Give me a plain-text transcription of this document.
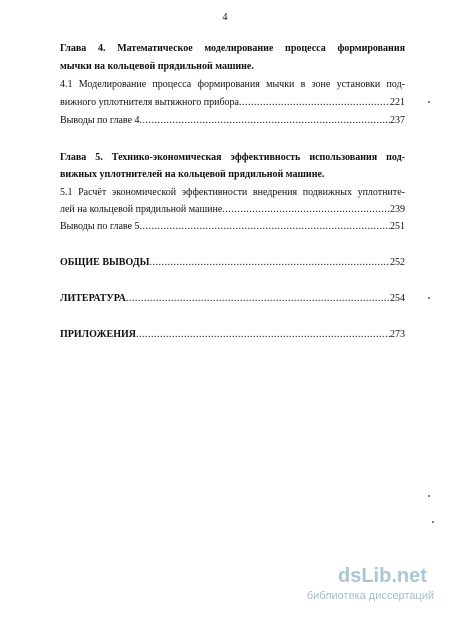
4
Глава 4. Математическое моделирование процесса формирования
мычки на кольцевой прядильной машине.
4.1 Моделирование процесса формирования мычки в зоне установки под-
вижного уплотнителя вытяжного прибора .....	221
Выводы по главе 4 .....	237
Глава 5. Технико-экономическая эффективность использования под-
вижных уплотнителей на кольцевой прядильной машине.
5.1 Расчёт экономической эффективности внедрения подвижных уплотните-
лей на кольцевой прядильной машине .....	239
Выводы по главе 5 .....	251
ОБЩИЕ ВЫВОДЫ .....	252
ЛИТЕРАТУРА .....	254
ПРИЛОЖЕНИЯ .....	273
dsLib.net
библиотека диссертаций
